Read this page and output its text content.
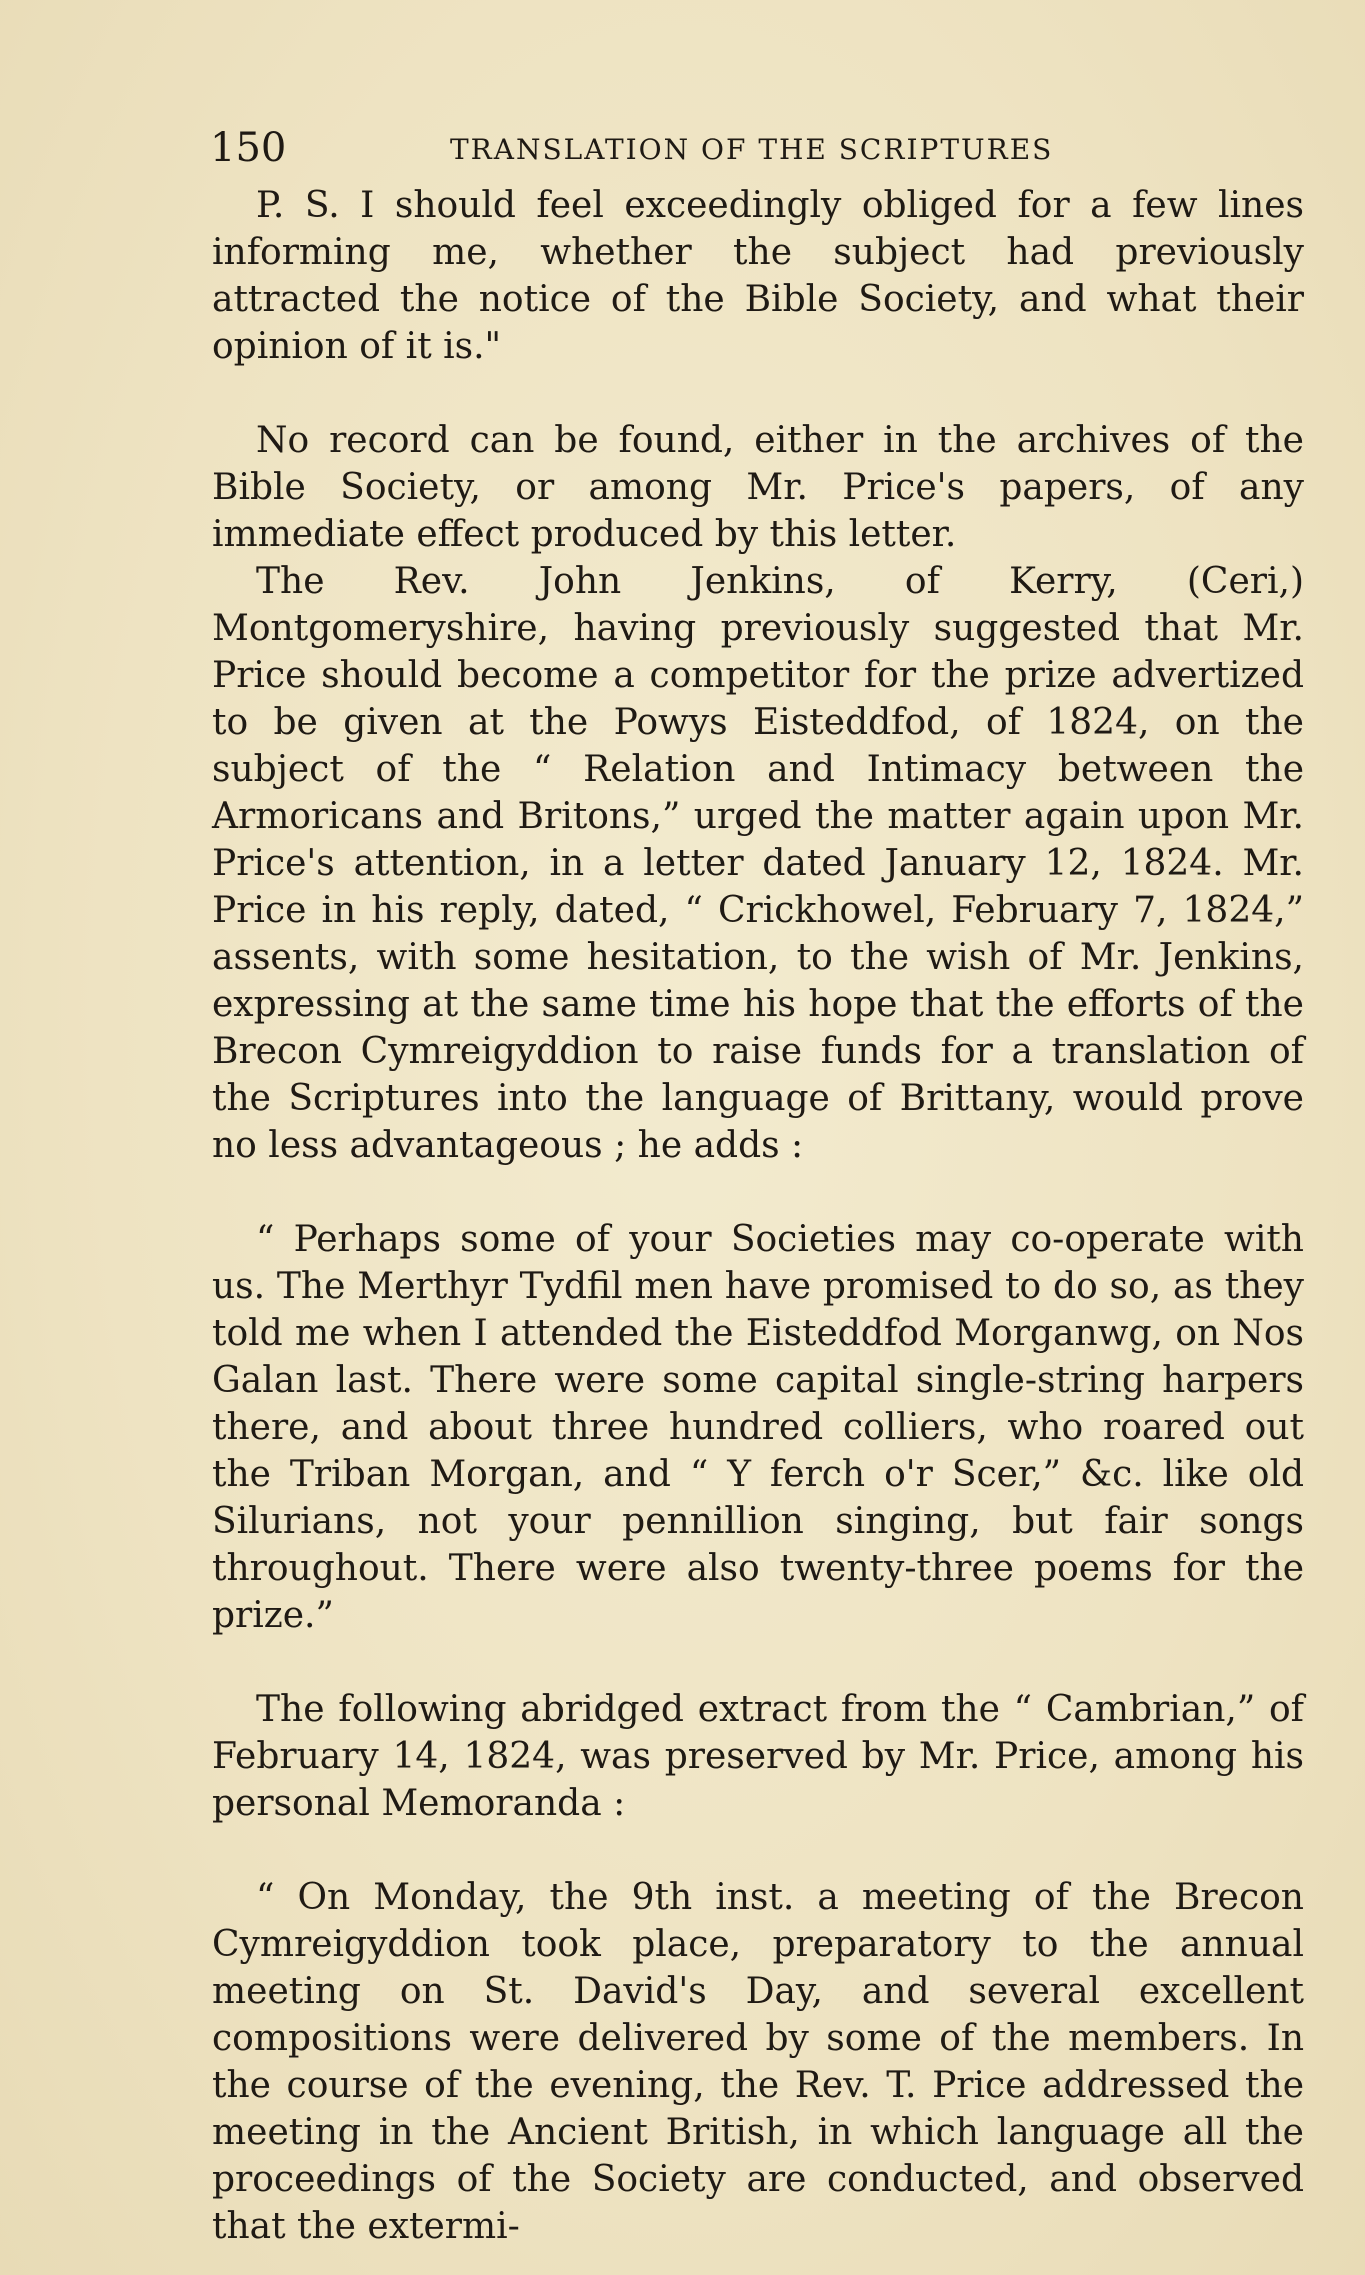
150	TRANSLATION OF THE SCRIPTURES

P. S. I should feel exceedingly obliged for a few lines informing me, whether the subject had previously attracted the notice of the Bible Society, and what their opinion of it is."

No record can be found, either in the archives of the Bible Society, or among Mr. Price's papers, of any immediate effect produced by this letter.

The Rev. John Jenkins, of Kerry, (Ceri,) Montgomeryshire, having previously suggested that Mr. Price should become a competitor for the prize advertized to be given at the Powys Eisteddfod, of 1824, on the subject of the “ Relation and Intimacy between the Armoricans and Britons,” urged the matter again upon Mr. Price's attention, in a letter dated January 12, 1824. Mr. Price in his reply, dated, “ Crickhowel, February 7, 1824,” assents, with some hesitation, to the wish of Mr. Jenkins, expressing at the same time his hope that the efforts of the Brecon Cymreigyddion to raise funds for a translation of the Scriptures into the language of Brittany, would prove no less advantageous ; he adds :

“ Perhaps some of your Societies may co-operate with us. The Merthyr Tydfil men have promised to do so, as they told me when I attended the Eisteddfod Morganwg, on Nos Galan last. There were some capital single-string harpers there, and about three hundred colliers, who roared out the Triban Morgan, and “ Y ferch o'r Scer,” &c. like old Silurians, not your pennillion singing, but fair songs throughout. There were also twenty-three poems for the prize.”

The following abridged extract from the “ Cambrian,” of February 14, 1824, was preserved by Mr. Price, among his personal Memoranda :

“ On Monday, the 9th inst. a meeting of the Brecon Cymreigyddion took place, preparatory to the annual meeting on St. David's Day, and several excellent compositions were delivered by some of the members. In the course of the evening, the Rev. T. Price addressed the meeting in the Ancient British, in which language all the proceedings of the Society are conducted, and observed that the extermi-
